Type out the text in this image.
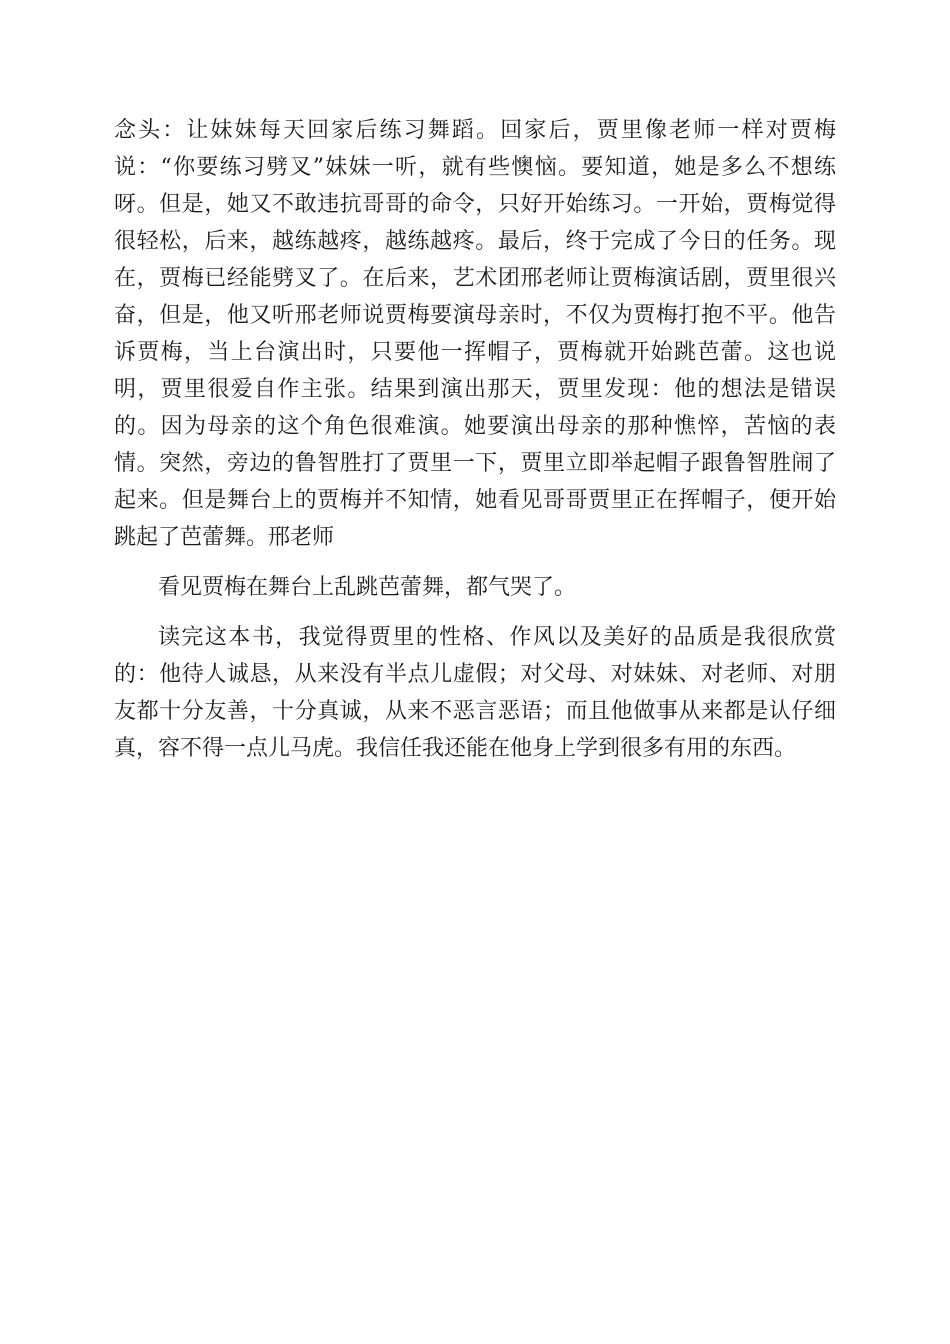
念头：让妹妹每天回家后练习舞蹈。回家后，贾里像老师一样对贾梅
说：“你要练习劈叉”妹妹一听，就有些懊恼。要知道，她是多么不想练
呀。但是，她又不敢违抗哥哥的命令，只好开始练习。一开始，贾梅觉得
很轻松，后来，越练越疼，越练越疼。最后，终于完成了今日的任务。现
在，贾梅已经能劈叉了。在后来，艺术团邢老师让贾梅演话剧，贾里很兴
奋，但是，他又听邢老师说贾梅要演母亲时，不仅为贾梅打抱不平。他告
诉贾梅，当上台演出时，只要他一挥帽子，贾梅就开始跳芭蕾。这也说
明，贾里很爱自作主张。结果到演出那天，贾里发现：他的想法是错误
的。因为母亲的这个角色很难演。她要演出母亲的那种憔悴，苦恼的表
情。突然，旁边的鲁智胜打了贾里一下，贾里立即举起帽子跟鲁智胜闹了
起来。但是舞台上的贾梅并不知情，她看见哥哥贾里正在挥帽子，便开始
跳起了芭蕾舞。邢老师
看见贾梅在舞台上乱跳芭蕾舞，都气哭了。
读完这本书，我觉得贾里的性格、作风以及美好的品质是我很欣赏
的：他待人诚恳，从来没有半点儿虚假；对父母、对妹妹、对老师、对朋
友都十分友善，十分真诚，从来不恶言恶语；而且他做事从来都是认仔细
真，容不得一点儿马虎。我信任我还能在他身上学到很多有用的东西。
